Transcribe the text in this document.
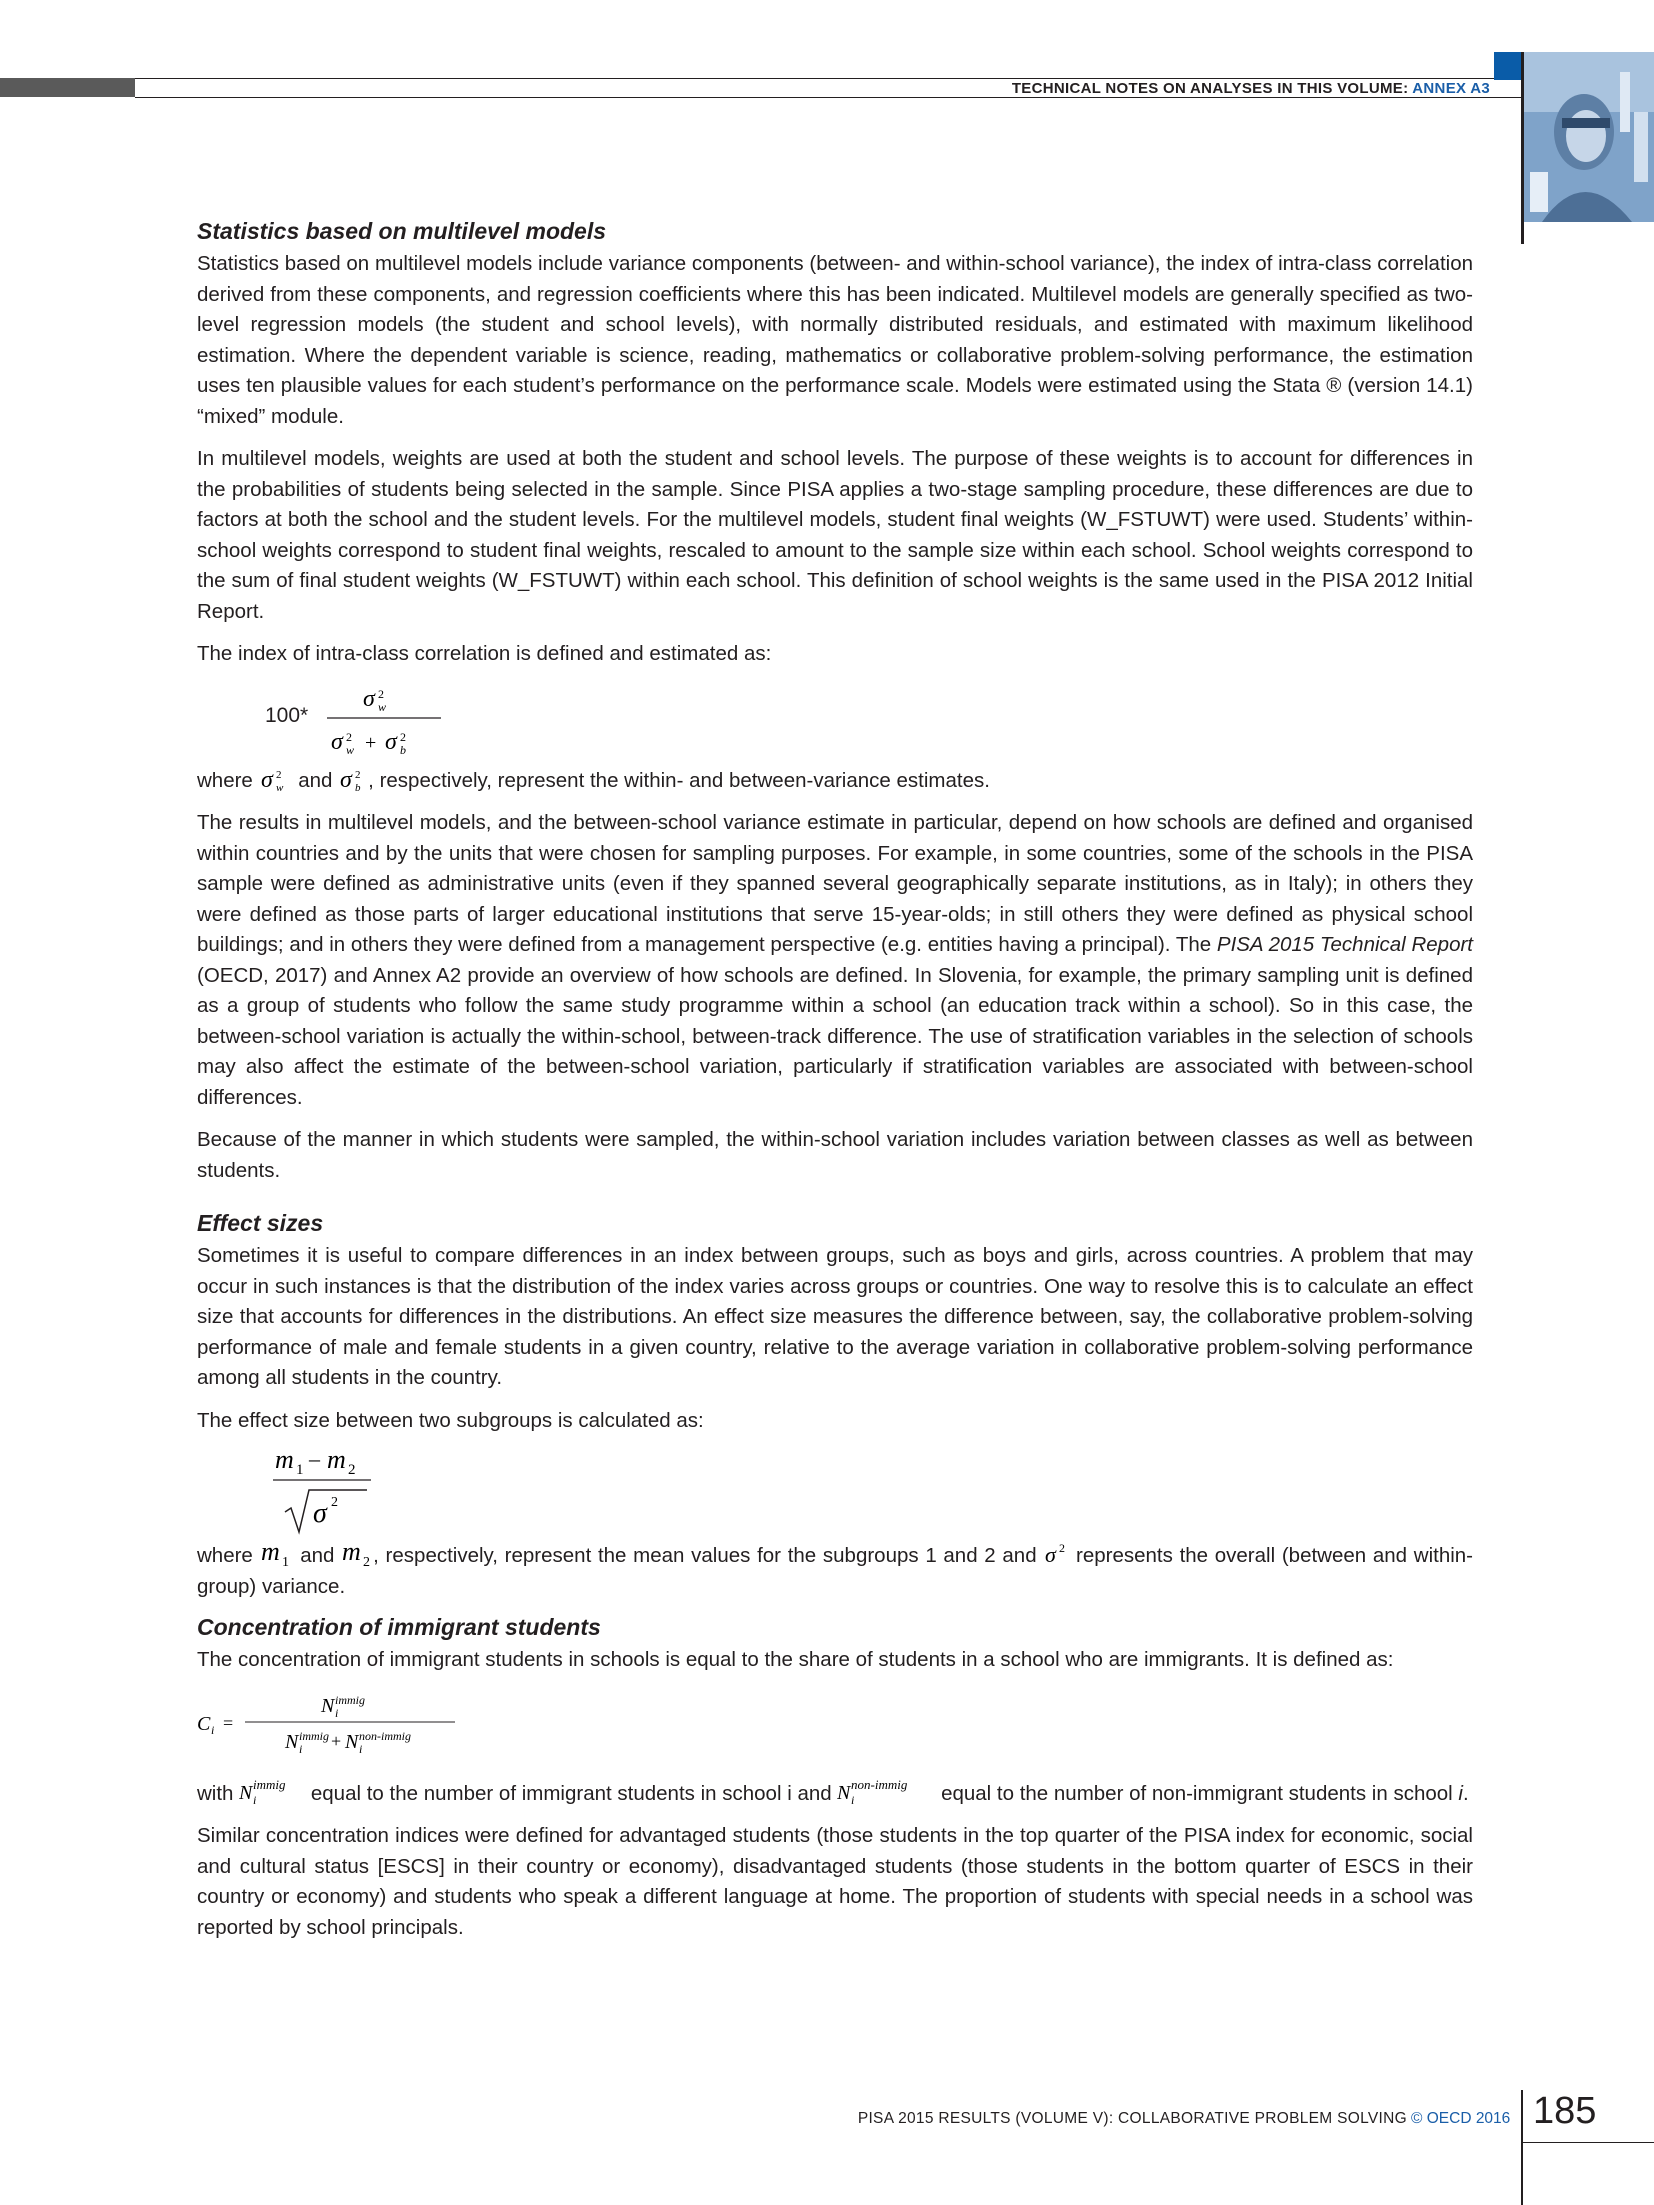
TECHNICAL NOTES ON ANALYSES IN THIS VOLUME: ANNEX A3
Statistics based on multilevel models

Statistics based on multilevel models include variance components (between- and within-school variance), the index of intra-class correlation derived from these components, and regression coefficients where this has been indicated. Multilevel models are generally specified as two-level regression models (the student and school levels), with normally distributed residuals, and estimated with maximum likelihood estimation. Where the dependent variable is science, reading, mathematics or collaborative problem-solving performance, the estimation uses ten plausible values for each student’s performance on the performance scale. Models were estimated using the Stata ® (version 14.1) “mixed” module.

In multilevel models, weights are used at both the student and school levels. The purpose of these weights is to account for differences in the probabilities of students being selected in the sample. Since PISA applies a two-stage sampling procedure, these differences are due to factors at both the school and the student levels. For the multilevel models, student final weights (W_FSTUWT) were used. Students’ within-school weights correspond to student final weights, rescaled to amount to the sample size within each school. School weights correspond to the sum of final student weights (W_FSTUWT) within each school. This definition of school weights is the same used in the PISA 2012 Initial Report.

The index of intra-class correlation is defined and estimated as:

100*
σ 2
w
σ 2
w + σ 2
b

where σ 2
w and σ 2
b , respectively, represent the within- and between-variance estimates.

The results in multilevel models, and the between-school variance estimate in particular, depend on how schools are defined and organised within countries and by the units that were chosen for sampling purposes. For example, in some countries, some of the schools in the PISA sample were defined as administrative units (even if they spanned several geographically separate institutions, as in Italy); in others they were defined as those parts of larger educational institutions that serve 15-year-olds; in still others they were defined as physical school buildings; and in others they were defined from a management perspective (e.g. entities having a principal). The PISA 2015 Technical Report (OECD, 2017) and Annex A2 provide an overview of how schools are defined. In Slovenia, for example, the primary sampling unit is defined as a group of students who follow the same study programme within a school (an education track within a school). So in this case, the between-school variation is actually the within-school, between-track difference. The use of stratification variables in the selection of schools may also affect the estimate of the between-school variation, particularly if stratification variables are associated with between-school differences.

Because of the manner in which students were sampled, the within-school variation includes variation between classes as well as between students.

Effect sizes

Sometimes it is useful to compare differences in an index between groups, such as boys and girls, across countries. A problem that may occur in such instances is that the distribution of the index varies across groups or countries. One way to resolve this is to calculate an effect size that accounts for differences in the distributions. An effect size measures the difference between, say, the collaborative problem-solving performance of male and female students in a given country, relative to the average variation in collaborative problem-solving performance among all students in the country.

The effect size between two subgroups is calculated as:

m 1 – m 2
σ 2

where m 1 and m 2 , respectively, represent the mean values for the subgroups 1 and 2 and σ 2 represents the overall (between and within-group) variance.

Concentration of immigrant students

The concentration of immigrant students in schools is equal to the share of students in a school who are immigrants. It is defined as:

C i =
N immig
i
N immig
i + N non-immig
i

with N immig
i	equal to the number of immigrant students in school i and N non-immig
i	equal to the number of non-immigrant students in school i.

Similar concentration indices were defined for advantaged students (those students in the top quarter of the PISA index for economic, social and cultural status [ESCS] in their country or economy), disadvantaged students (those students in the bottom quarter of ESCS in their country or economy) and students who speak a different language at home. The proportion of students with special needs in a school was reported by school principals.

PISA 2015 RESULTS (VOLUME V): COLLABORATIVE PROBLEM SOLVING © OECD 2016 185
